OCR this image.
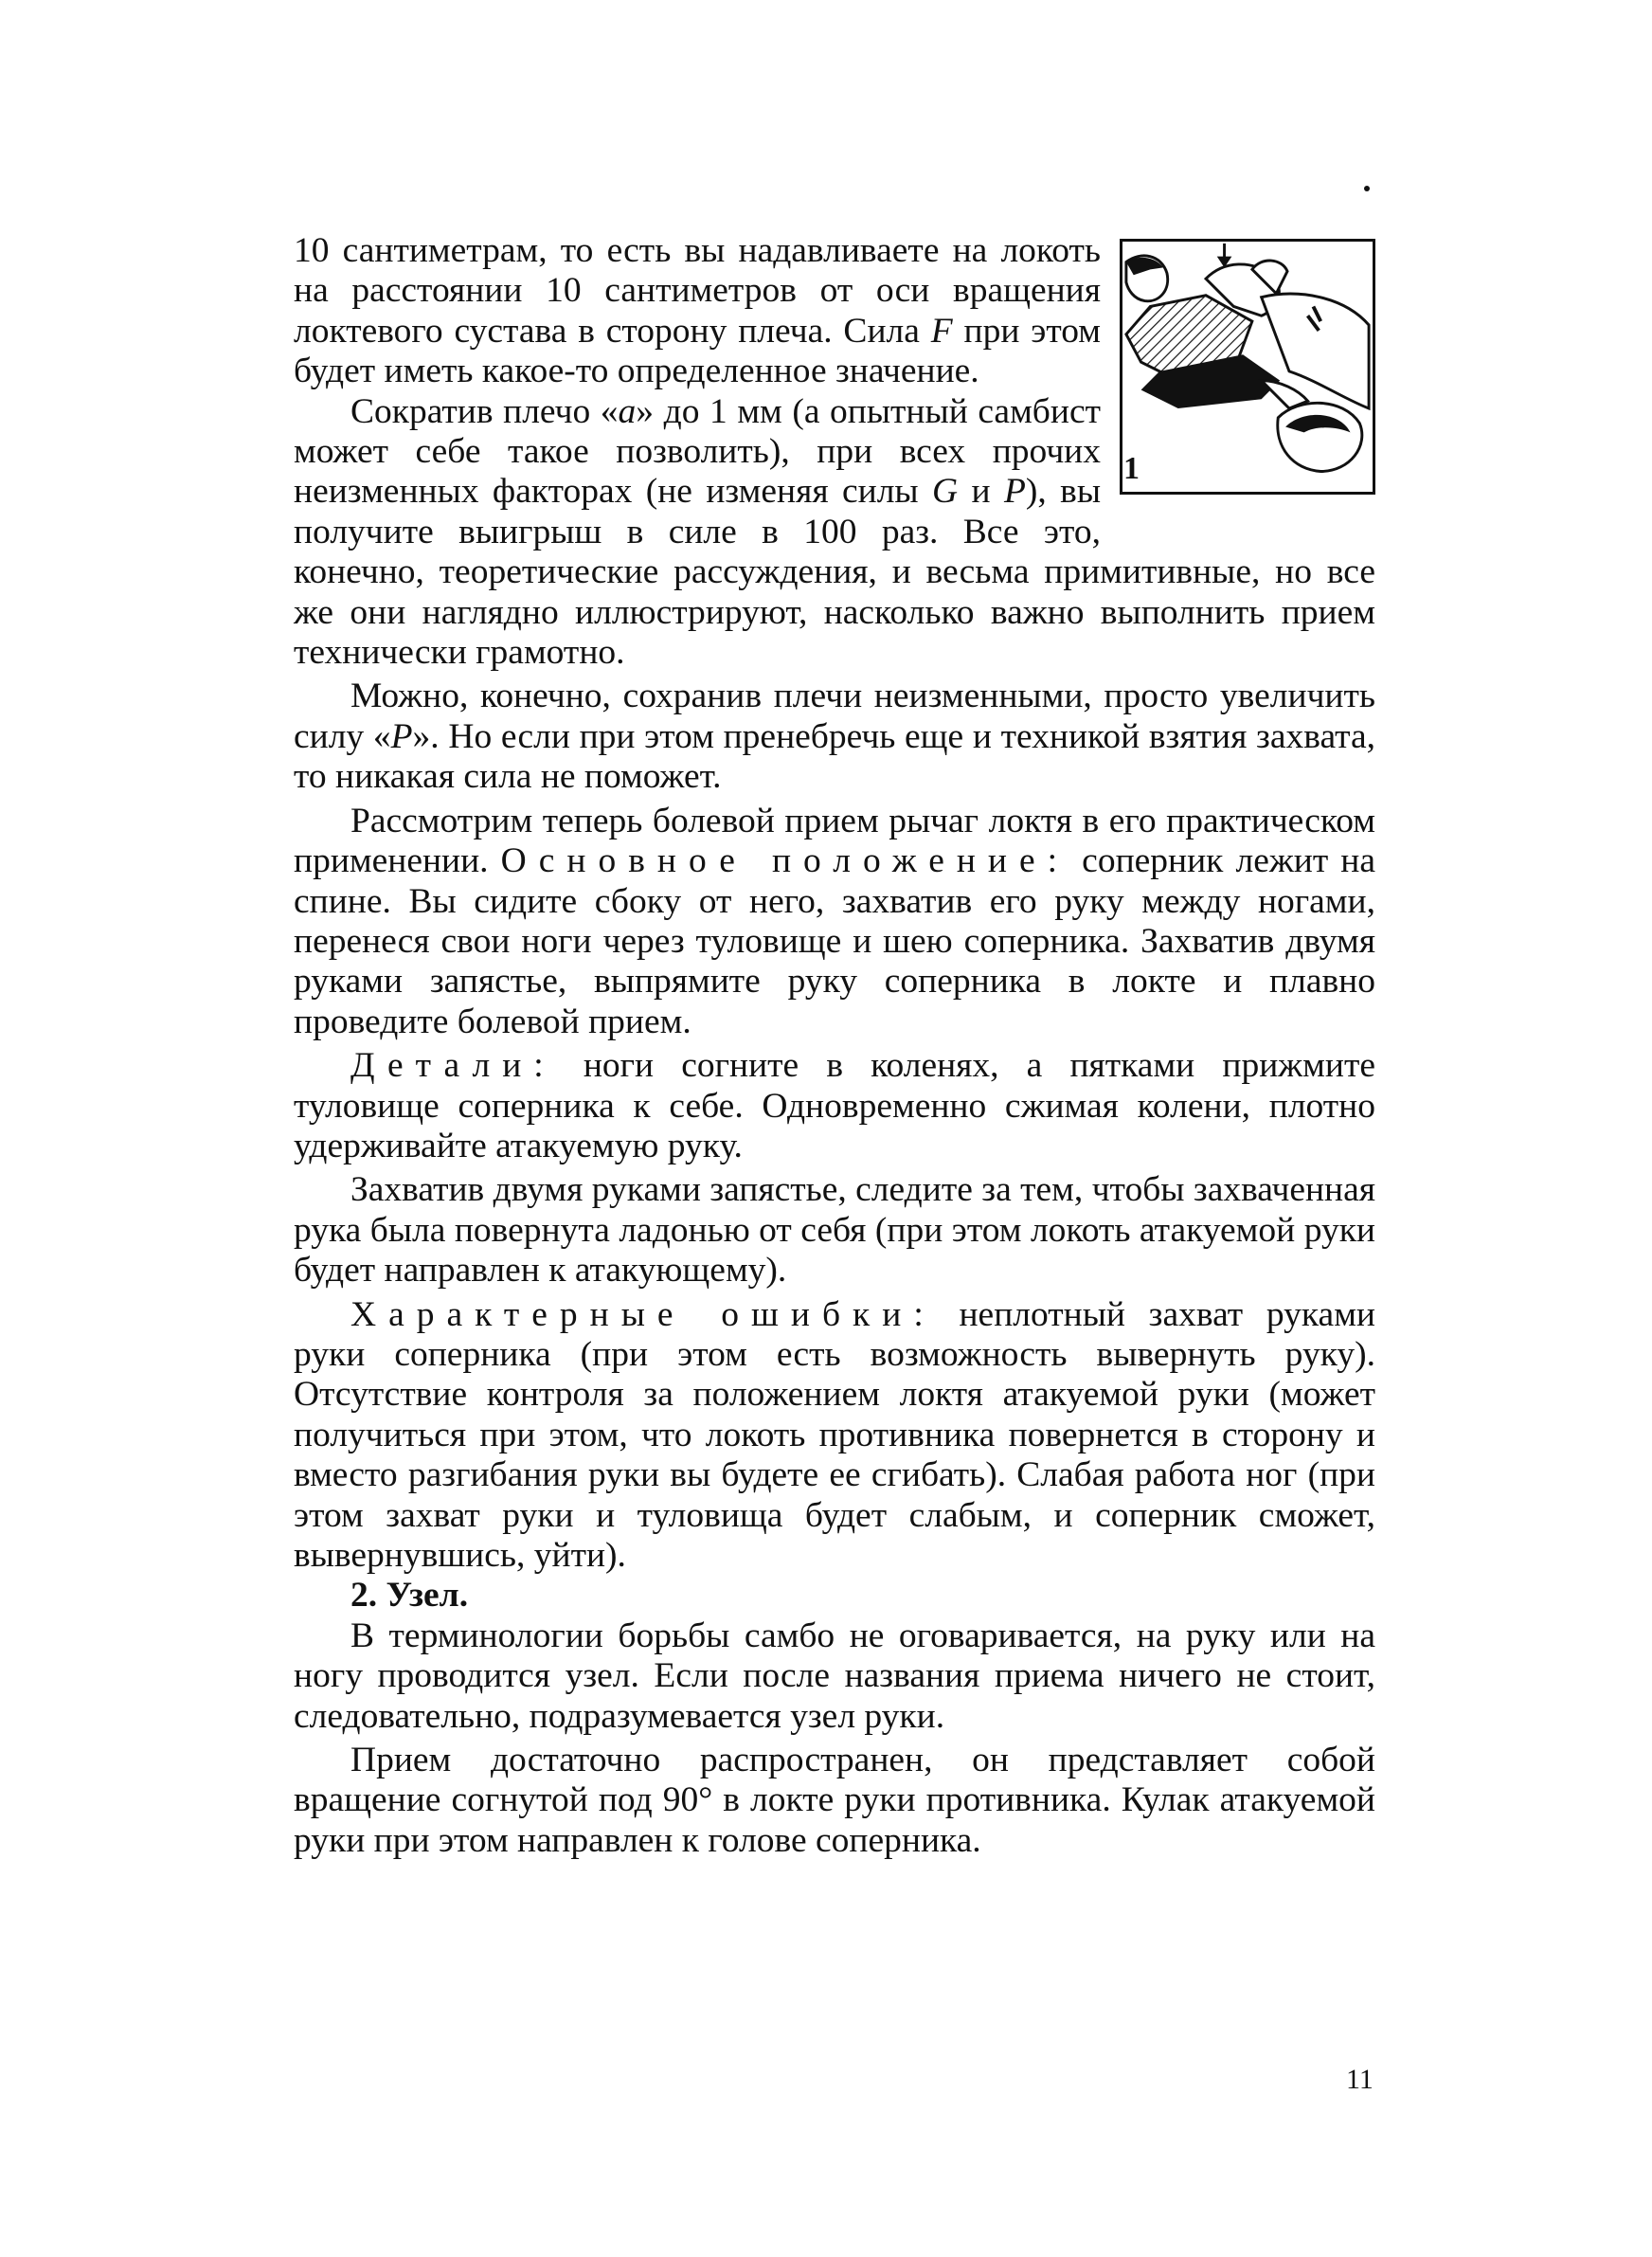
1

10 сантиметрам, то есть вы надавливаете на локоть на расстоянии 10 сантиметров от оси вращения локтевого сустава в сторону плеча. Сила F при этом будет иметь какое-то определенное значение.

Сократив плечо «a» до 1 мм (а опытный самбист может себе такое позволить), при всех прочих неизменных факторах (не изменяя силы G и P), вы получите выигрыш в силе в 100 раз. Все это, конечно, теоретические рассуждения, и весьма примитивные, но все же они наглядно иллюстрируют, насколько важно выполнить прием технически грамотно.

Можно, конечно, сохранив плечи неизменными, просто увеличить силу «P». Но если при этом пренебречь еще и техникой взятия захвата, то никакая сила не поможет.

Рассмотрим теперь болевой прием рычаг локтя в его практическом применении. Основное положение: соперник лежит на спине. Вы сидите сбоку от него, захватив его руку между ногами, перенеся свои ноги через туловище и шею соперника. Захватив двумя руками запястье, выпрямите руку соперника в локте и плавно проведите болевой прием.

Детали: ноги согните в коленях, а пятками прижмите туловище соперника к себе. Одновременно сжимая колени, плотно удерживайте атакуемую руку.

Захватив двумя руками запястье, следите за тем, чтобы захваченная рука была повернута ладонью от себя (при этом локоть атакуемой руки будет направлен к атакующему).

Характерные ошибки: неплотный захват руками руки соперника (при этом есть возможность вывернуть руку). Отсутствие контроля за положением локтя атакуемой руки (может получиться при этом, что локоть противника повернется в сторону и вместо разгибания руки вы будете ее сгибать). Слабая работа ног (при этом захват руки и туловища будет слабым, и соперник сможет, вывернувшись, уйти).

2. Узел.

В терминологии борьбы самбо не оговаривается, на руку или на ногу проводится узел. Если после названия приема ничего не стоит, следовательно, подразумевается узел руки.

Прием достаточно распространен, он представляет собой вращение согнутой под 90° в локте руки противника. Кулак атакуемой руки при этом направлен к голове соперника.

11
